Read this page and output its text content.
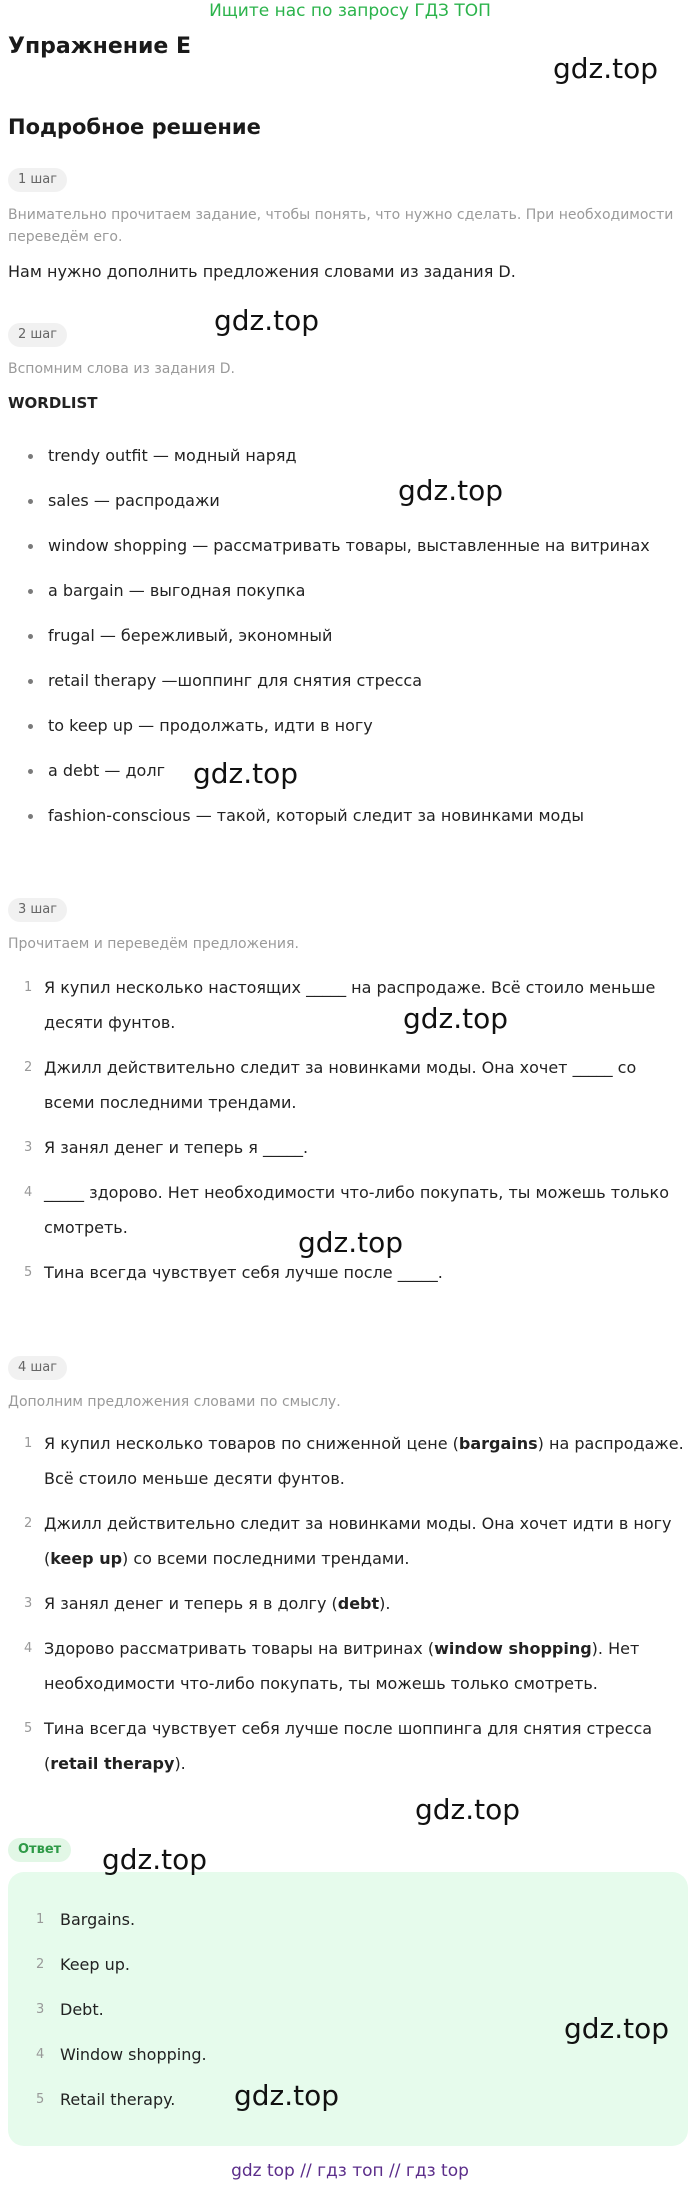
Ищите нас по запросу ГДЗ ТОП
Упражнение E
Подробное решение
1 шаг
Внимательно прочитаем задание, чтобы понять, что нужно сделать. При необходимости переведём его.
Нам нужно дополнить предложения словами из задания D.
2 шаг
Вспомним слова из задания D.
WORDLIST
trendy outfit — модный наряд
sales — распродажи
window shopping — рассматривать товары, выставленные на витринах
a bargain — выгодная покупка
frugal — бережливый, экономный
retail therapy —шоппинг для снятия стресса
to keep up — продолжать, идти в ногу
a debt — долг
fashion-conscious — такой, который следит за новинками моды
3 шаг
Прочитаем и переведём предложения.
1 Я купил несколько настоящих _____ на распродаже. Всё стоило меньше десяти фунтов.
2 Джилл действительно следит за новинками моды. Она хочет _____ со всеми последними трендами.
3 Я занял денег и теперь я _____.
4 _____ здорово. Нет необходимости что-либо покупать, ты можешь только смотреть.
5 Тина всегда чувствует себя лучше после _____.
4 шаг
Дополним предложения словами по смыслу.
1 Я купил несколько товаров по сниженной цене (bargains) на распродаже. Всё стоило меньше десяти фунтов.
2 Джилл действительно следит за новинками моды. Она хочет идти в ногу (keep up) со всеми последними трендами.
3 Я занял денег и теперь я в долгу (debt).
4 Здорово рассматривать товары на витринах (window shopping). Нет необходимости что-либо покупать, ты можешь только смотреть.
5 Тина всегда чувствует себя лучше после шоппинга для снятия стресса (retail therapy).
Ответ
1 Bargains.
2 Keep up.
3 Debt.
4 Window shopping.
5 Retail therapy.
gdz.top
gdz.top
gdz.top
gdz.top
gdz.top
gdz.top
gdz.top
gdz.top
gdz.top
gdz.top
gdz top // гдз топ // гдз top
